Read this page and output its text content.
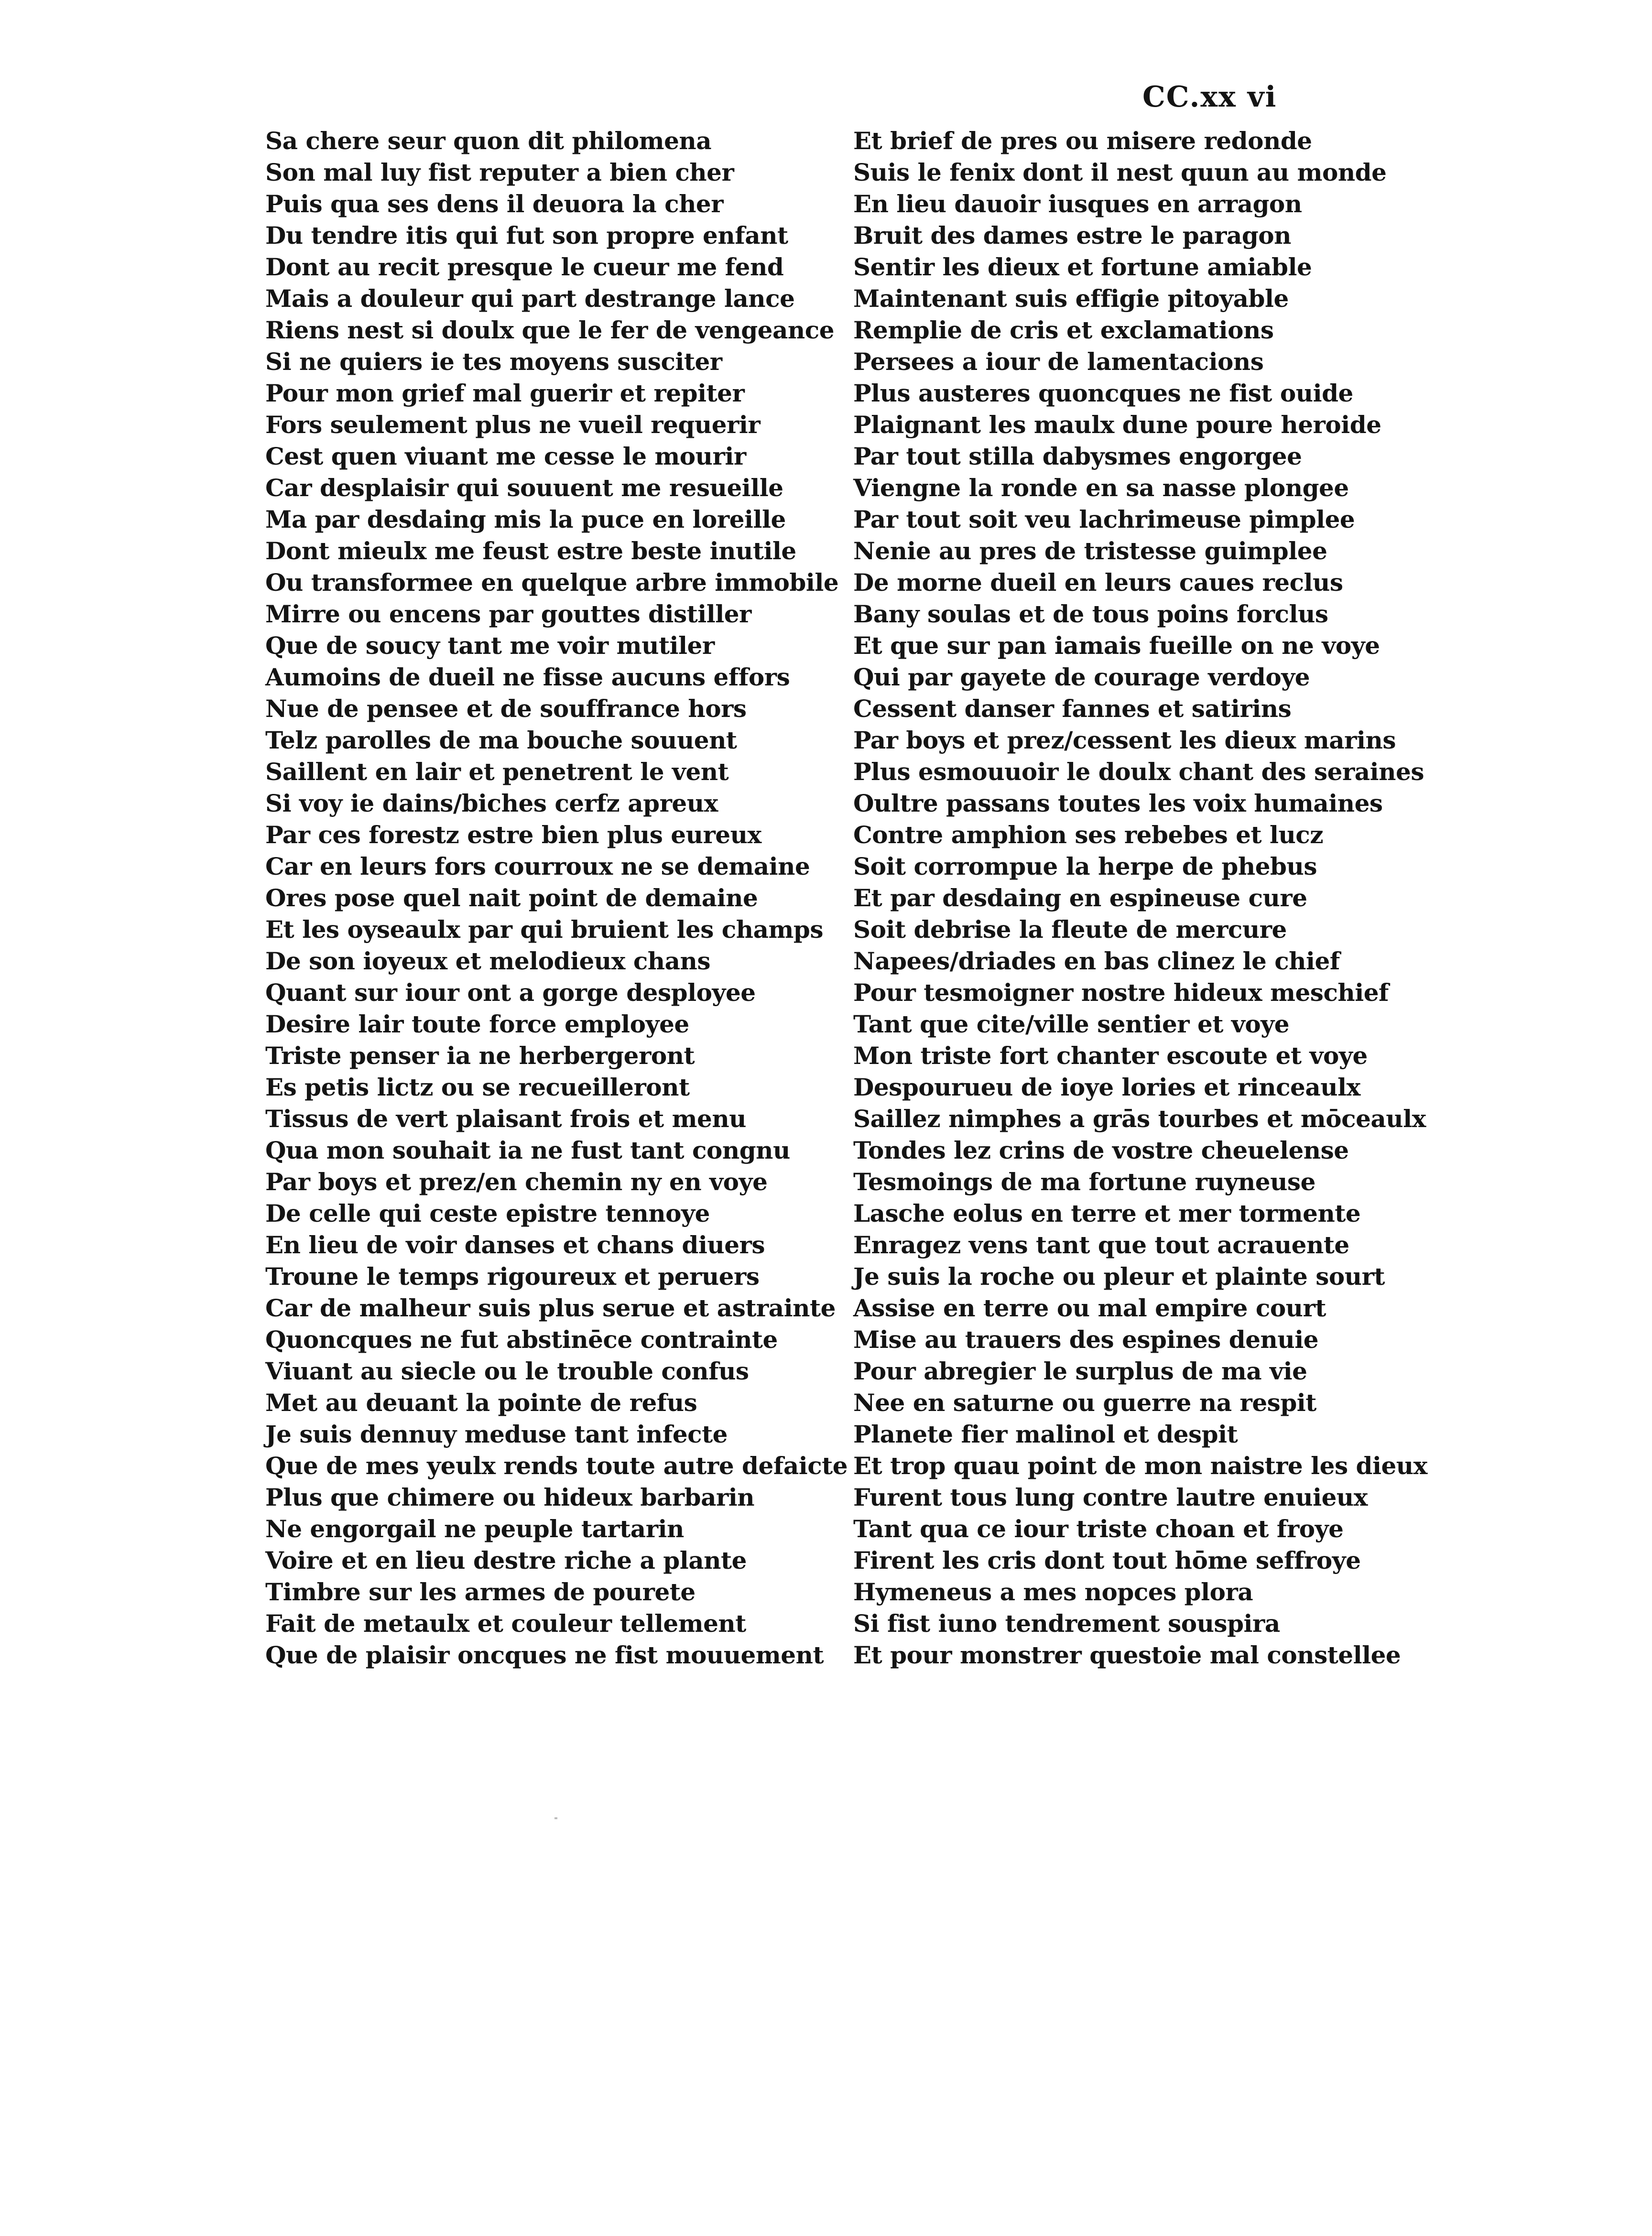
CC.xx vi
Sa chere seur quon dit philomena
Son mal luy fist reputer a bien cher
Puis qua ses dens il deuora la cher
Du tendre itis qui fut son propre enfant
Dont au recit presque le cueur me fend
Mais a douleur qui part destrange lance
Riens nest si doulx que le fer de vengeance
Si ne quiers ie tes moyens susciter
Pour mon grief mal guerir et repiter
Fors seulement plus ne vueil requerir
Cest quen viuant me cesse le mourir
Car desplaisir qui souuent me resueille
Ma par desdaing mis la puce en loreille
Dont mieulx me feust estre beste inutile
Ou transformee en quelque arbre immobile
Mirre ou encens par gouttes distiller
Que de soucy tant me voir mutiler
Aumoins de dueil ne fisse aucuns effors
Nue de pensee et de souffrance hors
Telz parolles de ma bouche souuent
Saillent en lair et penetrent le vent
Si voy ie dains/biches cerfz apreux
Par ces forestz estre bien plus eureux
Car en leurs fors courroux ne se demaine
Ores pose quel nait point de demaine
Et les oyseaulx par qui bruient les champs
De son ioyeux et melodieux chans
Quant sur iour ont a gorge desployee
Desire lair toute force employee
Triste penser ia ne herbergeront
Es petis lictz ou se recueilleront
Tissus de vert plaisant frois et menu
Qua mon souhait ia ne fust tant congnu
Par boys et prez/en chemin ny en voye
De celle qui ceste epistre tennoye
En lieu de voir danses et chans diuers
Troune le temps rigoureux et peruers
Car de malheur suis plus serue et astrainte
Quoncques ne fut abstinēce contrainte
Viuant au siecle ou le trouble confus
Met au deuant la pointe de refus
Je suis dennuy meduse tant infecte
Que de mes yeulx rends toute autre defaicte
Plus que chimere ou hideux barbarin
Ne engorgail ne peuple tartarin
Voire et en lieu destre riche a plante
Timbre sur les armes de pourete
Fait de metaulx et couleur tellement
Que de plaisir oncques ne fist mouuement
Et brief de pres ou misere redonde
Suis le fenix dont il nest quun au monde
En lieu dauoir iusques en arragon
Bruit des dames estre le paragon
Sentir les dieux et fortune amiable
Maintenant suis effigie pitoyable
Remplie de cris et exclamations
Persees a iour de lamentacions
Plus austeres quoncques ne fist ouide
Plaignant les maulx dune poure heroide
Par tout stilla dabysmes engorgee
Viengne la ronde en sa nasse plongee
Par tout soit veu lachrimeuse pimplee
Nenie au pres de tristesse guimplee
De morne dueil en leurs caues reclus
Bany soulas et de tous poins forclus
Et que sur pan iamais fueille on ne voye
Qui par gayete de courage verdoye
Cessent danser fannes et satirins
Par boys et prez/cessent les dieux marins
Plus esmouuoir le doulx chant des seraines
Oultre passans toutes les voix humaines
Contre amphion ses rebebes et lucz
Soit corrompue la herpe de phebus
Et par desdaing en espineuse cure
Soit debrise la fleute de mercure
Napees/driades en bas clinez le chief
Pour tesmoigner nostre hideux meschief
Tant que cite/ville sentier et voye
Mon triste fort chanter escoute et voye
Despourueu de ioye lories et rinceaulx
Saillez nimphes a grās tourbes et mōceaulx
Tondes lez crins de vostre cheuelense
Tesmoings de ma fortune ruyneuse
Lasche eolus en terre et mer tormente
Enragez vens tant que tout acrauente
Je suis la roche ou pleur et plainte sourt
Assise en terre ou mal empire court
Mise au trauers des espines denuie
Pour abregier le surplus de ma vie
Nee en saturne ou guerre na respit
Planete fier malinol et despit
Et trop quau point de mon naistre les dieux
Furent tous lung contre lautre enuieux
Tant qua ce iour triste choan et froye
Firent les cris dont tout hōme seffroye
Hymeneus a mes nopces plora
Si fist iuno tendrement souspira
Et pour monstrer questoie mal constellee
